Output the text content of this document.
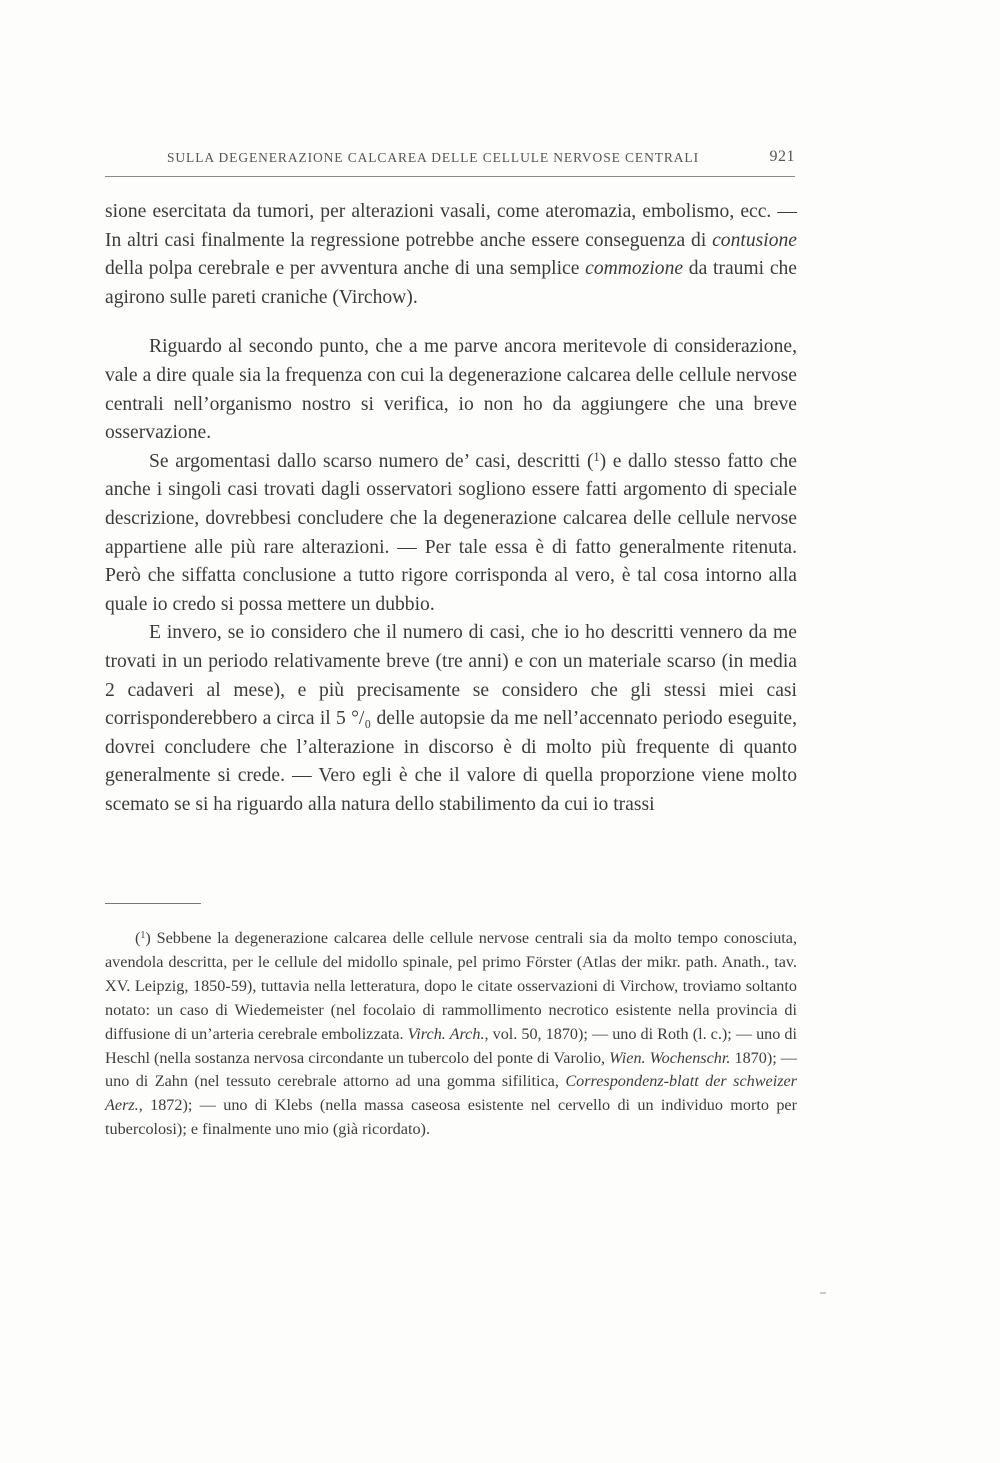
SULLA DEGENERAZIONE CALCAREA DELLE CELLULE NERVOSE CENTRALI	921

sione esercitata da tumori, per alterazioni vasali, come ateromazia, embolismo, ecc. — In altri casi finalmente la regressione potrebbe anche essere conseguenza di contusione della polpa cerebrale e per avventura anche di una semplice commozione da traumi che agirono sulle pareti craniche (Virchow).

Riguardo al secondo punto, che a me parve ancora meritevole di considerazione, vale a dire quale sia la frequenza con cui la degenerazione calcarea delle cellule nervose centrali nell’organismo nostro si verifica, io non ho da aggiungere che una breve osservazione.

Se argomentasi dallo scarso numero de’ casi, descritti ($^1$) e dallo stesso fatto che anche i singoli casi trovati dagli osservatori sogliono essere fatti argomento di speciale descrizione, dovrebbesi concludere che la degenerazione calcarea delle cellule nervose appartiene alle più rare alterazioni. — Per tale essa è di fatto generalmente ritenuta. Però che siffatta conclusione a tutto rigore corrisponda al vero, è tal cosa intorno alla quale io credo si possa mettere un dubbio.

E invero, se io considero che il numero di casi, che io ho descritti vennero da me trovati in un periodo relativamente breve (tre anni) e con un materiale scarso (in media 2 cadaveri al mese), e più precisamente se considero che gli stessi miei casi corrisponderebbero a circa il 5 °/₀ delle autopsie da me nell’accennato periodo eseguite, dovrei concludere che l’alterazione in discorso è di molto più frequente di quanto generalmente si crede. — Vero egli è che il valore di quella proporzione viene molto scemato se si ha riguardo alla natura dello stabilimento da cui io trassi

($^1$) Sebbene la degenerazione calcarea delle cellule nervose centrali sia da molto tempo conosciuta, avendola descritta, per le cellule del midollo spinale, pel primo Förster (Atlas der mikr. path. Anath., tav. XV. Leipzig, 1850-59), tuttavia nella letteratura, dopo le citate osservazioni di Virchow, troviamo soltanto notato: un caso di Wiedemeister (nel focolaio di rammollimento necrotico esistente nella provincia di diffusione di un’arteria cerebrale embolizzata. Virch. Arch., vol. 50, 1870); — uno di Roth (l. c.); — uno di Heschl (nella sostanza nervosa circondante un tubercolo del ponte di Varolio, Wien. Wochenschr. 1870); — uno di Zahn (nel tessuto cerebrale attorno ad una gomma sifilitica, Correspondenz-blatt der schweizer Aerz., 1872); — uno di Klebs (nella massa caseosa esistente nel cervello di un individuo morto per tubercolosi); e finalmente uno mio (già ricordato).
